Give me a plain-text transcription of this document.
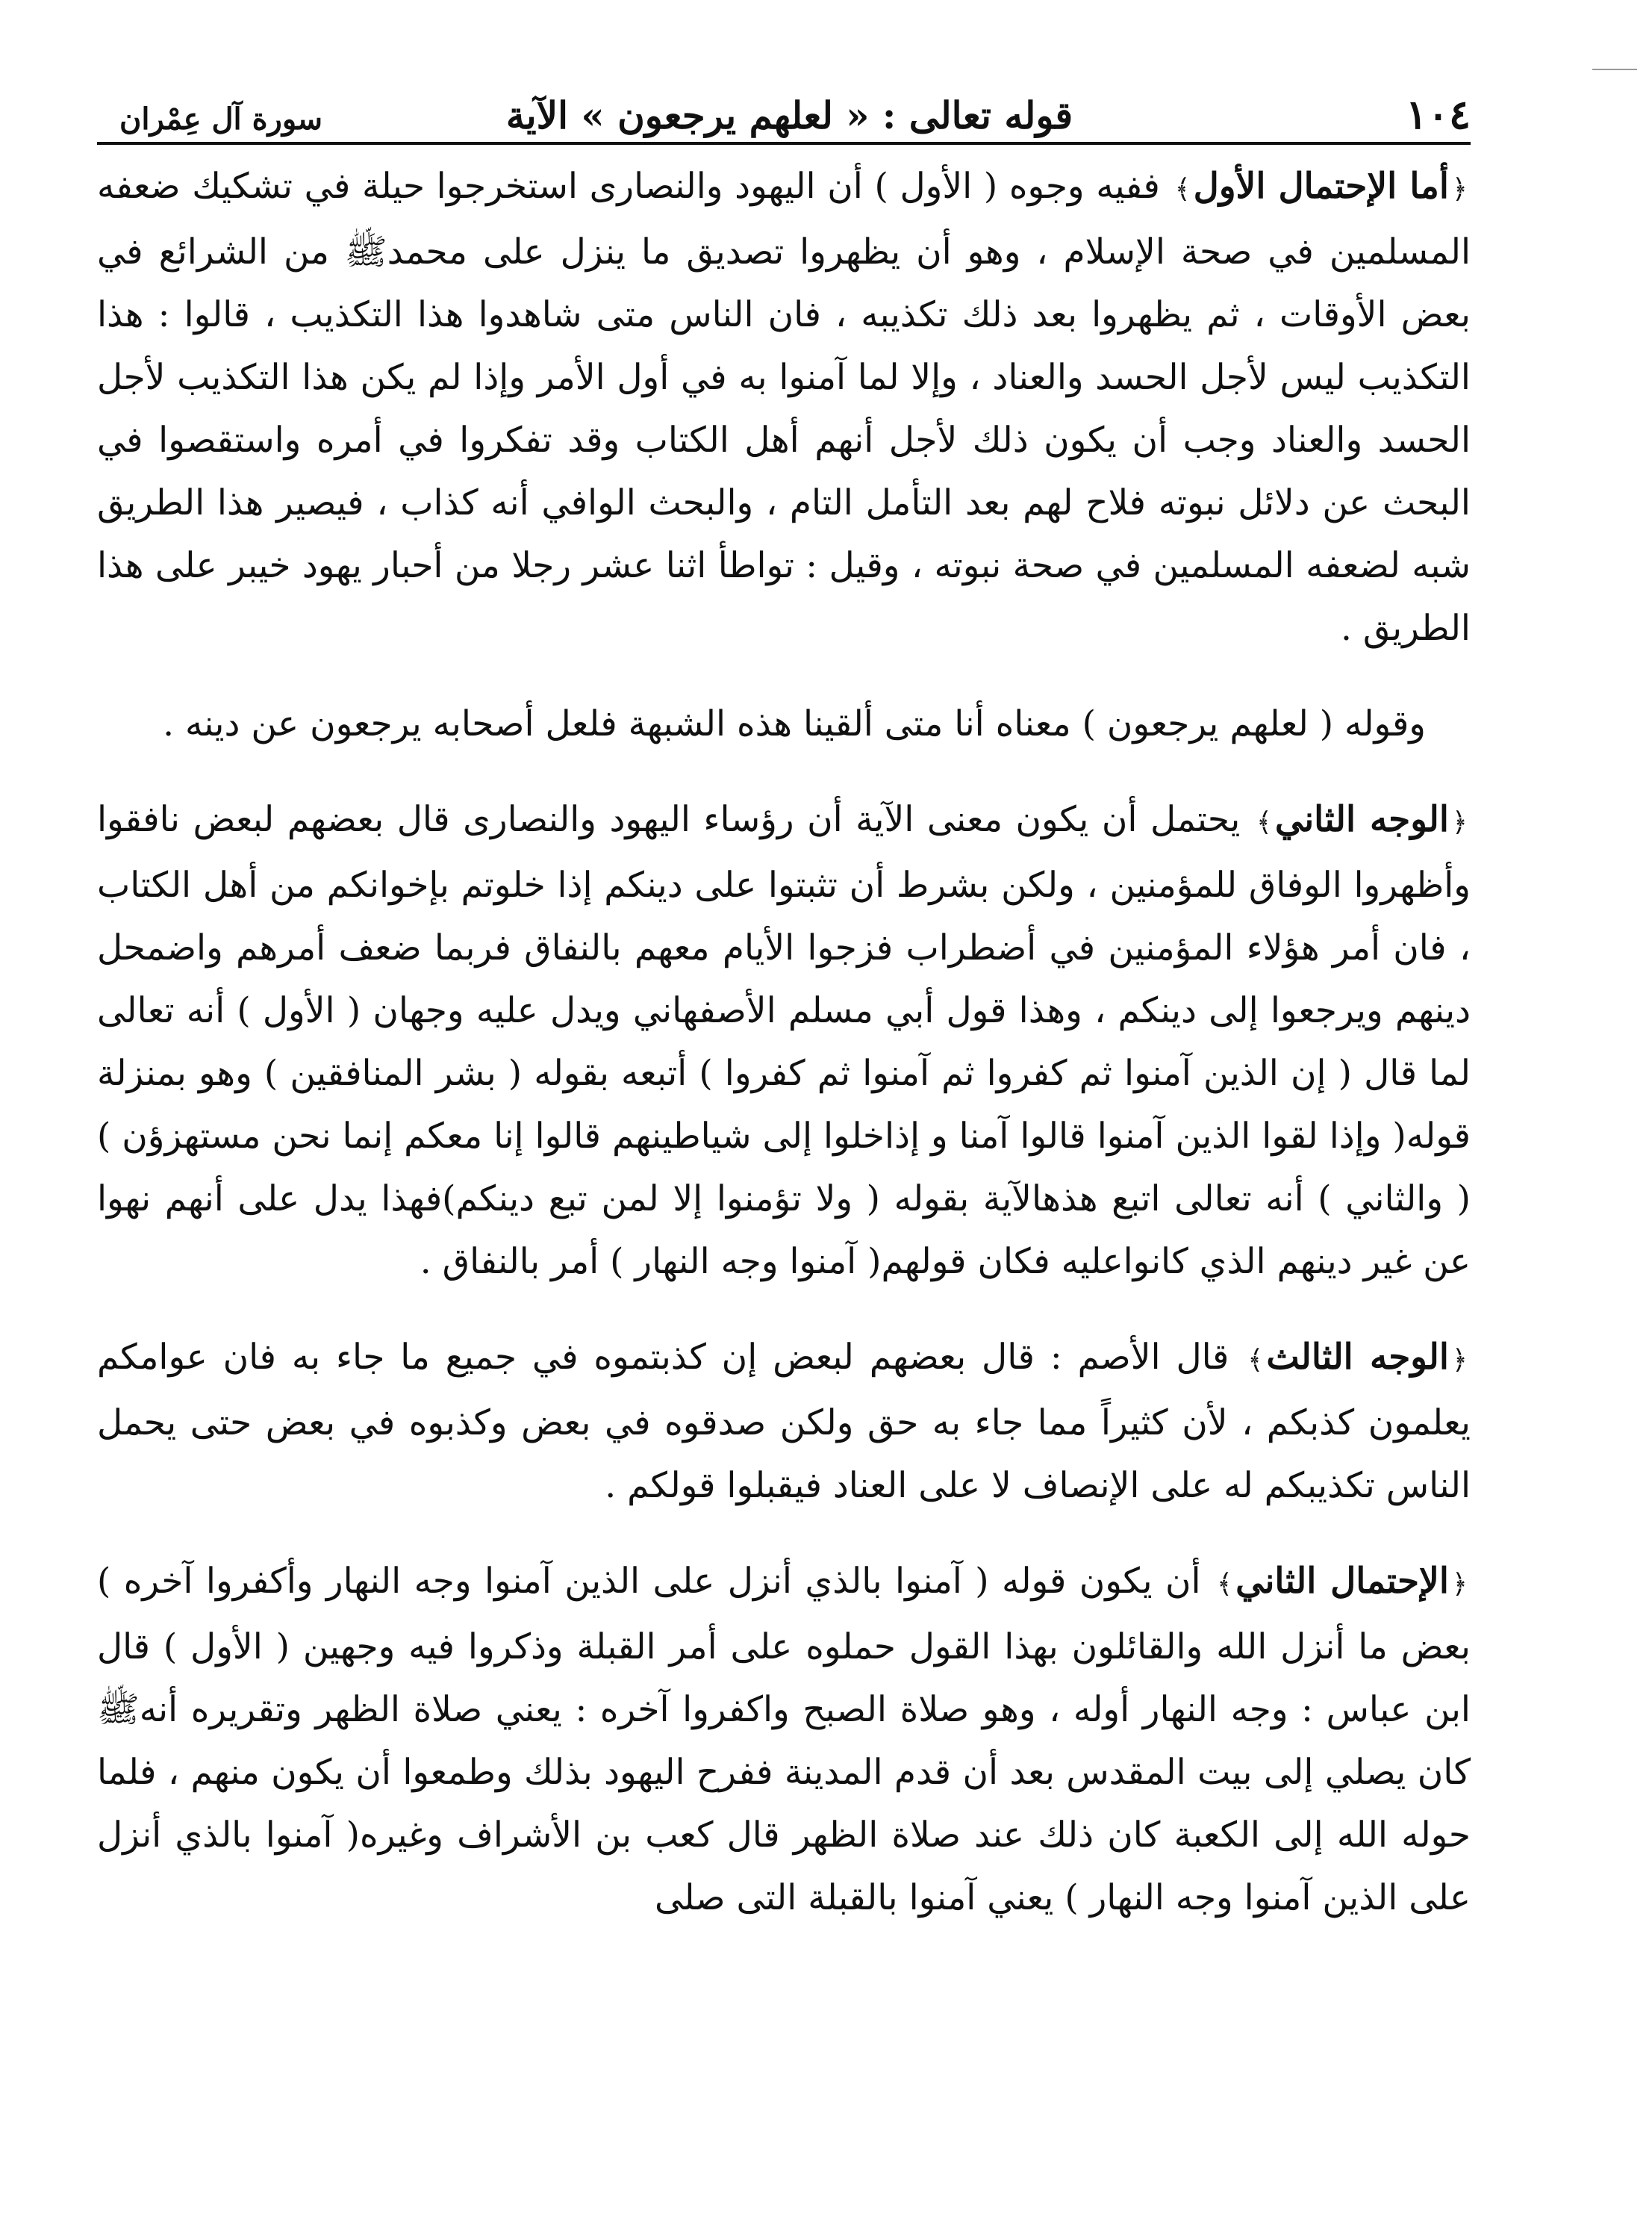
١٠٤
قوله تعالى : « لعلهم يرجعون » الآية
سورة آل عِمْران

﴿أما الإحتمال الأول﴾ ففيه وجوه ( الأول ) أن اليهود والنصارى استخرجوا حيلة في تشكيك ضعفه المسلمين في صحة الإسلام ، وهو أن يظهروا تصديق ما ينزل على محمدﷺ من الشرائع في بعض الأوقات ، ثم يظهروا بعد ذلك تكذيبه ، فان الناس متى شاهدوا هذا التكذيب ، قالوا : هذا التكذيب ليس لأجل الحسد والعناد ، وإلا لما آمنوا به في أول الأمر وإذا لم يكن هذا التكذيب لأجل الحسد والعناد وجب أن يكون ذلك لأجل أنهم أهل الكتاب وقد تفكروا في أمره واستقصوا في البحث عن دلائل نبوته فلاح لهم بعد التأمل التام ، والبحث الوافي أنه كذاب ، فيصير هذا الطريق شبه لضعفه المسلمين في صحة نبوته ، وقيل : تواطأ اثنا عشر رجلا من أحبار يهود خيبر على هذا الطريق .

وقوله ( لعلهم يرجعون ) معناه أنا متى ألقينا هذه الشبهة فلعل أصحابه يرجعون عن دينه .

﴿الوجه الثاني﴾ يحتمل أن يكون معنى الآية أن رؤساء اليهود والنصارى قال بعضهم لبعض نافقوا وأظهروا الوفاق للمؤمنين ، ولكن بشرط أن تثبتوا على دينكم إذا خلوتم بإخوانكم من أهل الكتاب ، فان أمر هؤلاء المؤمنين في أضطراب فزجوا الأيام معهم بالنفاق فربما ضعف أمرهم واضمحل دينهم ويرجعوا إلى دينكم ، وهذا قول أبي مسلم الأصفهاني ويدل عليه وجهان ( الأول ) أنه تعالى لما قال ( إن الذين آمنوا ثم كفروا ثم آمنوا ثم كفروا ) أتبعه بقوله ( بشر المنافقين ) وهو بمنزلة قوله( وإذا لقوا الذين آمنوا قالوا آمنا و إذاخلوا إلى شياطينهم قالوا إنا معكم إنما نحن مستهزؤن ) ( والثاني ) أنه تعالى اتبع هذهالآية بقوله ( ولا تؤمنوا إلا لمن تبع دينكم)فهذا يدل على أنهم نهوا عن غير دينهم الذي كانواعليه فكان قولهم( آمنوا وجه النهار ) أمر بالنفاق .

﴿الوجه الثالث﴾ قال الأصم : قال بعضهم لبعض إن كذبتموه في جميع ما جاء به فان عوامكم يعلمون كذبكم ، لأن كثيراً مما جاء به حق ولكن صدقوه في بعض وكذبوه في بعض حتى يحمل الناس تكذيبكم له على الإنصاف لا على العناد فيقبلوا قولكم .

﴿الإحتمال الثاني﴾ أن يكون قوله ( آمنوا بالذي أنزل على الذين آمنوا وجه النهار وأكفروا آخره ) بعض ما أنزل الله والقائلون بهذا القول حملوه على أمر القبلة وذكروا فيه وجهين ( الأول ) قال ابن عباس : وجه النهار أوله ، وهو صلاة الصبح واكفروا آخره : يعني صلاة الظهر وتقريره أنهﷺ كان يصلي إلى بيت المقدس بعد أن قدم المدينة ففرح اليهود بذلك وطمعوا أن يكون منهم ، فلما حوله الله إلى الكعبة كان ذلك عند صلاة الظهر قال كعب بن الأشراف وغيره( آمنوا بالذي أنزل على الذين آمنوا وجه النهار ) يعني آمنوا بالقبلة التى صلى
